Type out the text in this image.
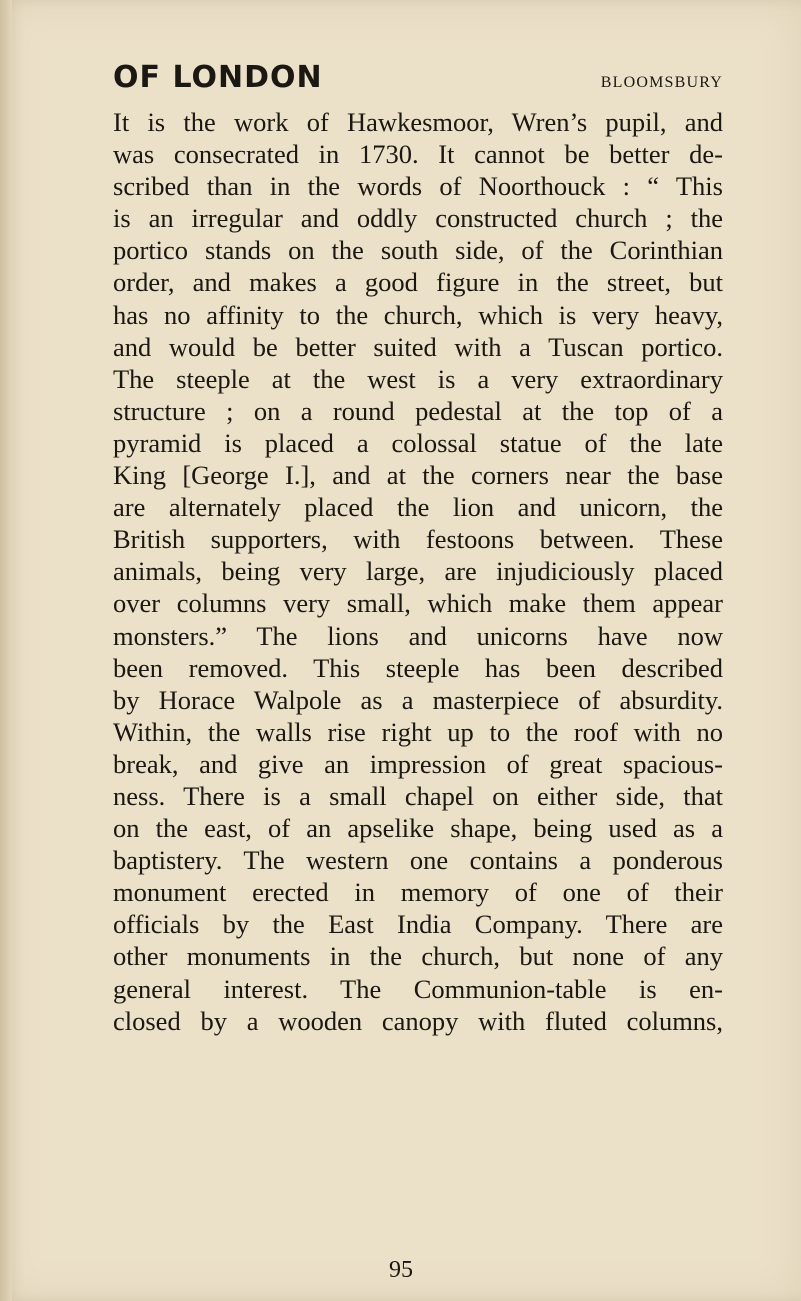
OF LONDON	BLOOMSBURY
It is the work of Hawkesmoor, Wren’s pupil, and
was consecrated in 1730. It cannot be better de-
scribed than in the words of Noorthouck : “ This
is an irregular and oddly constructed church ; the
portico stands on the south side, of the Corinthian
order, and makes a good figure in the street, but
has no affinity to the church, which is very heavy,
and would be better suited with a Tuscan portico.
The steeple at the west is a very extraordinary
structure ; on a round pedestal at the top of a
pyramid is placed a colossal statue of the late
King [George I.], and at the corners near the base
are alternately placed the lion and unicorn, the
British supporters, with festoons between. These
animals, being very large, are injudiciously placed
over columns very small, which make them appear
monsters.” The lions and unicorns have now
been removed. This steeple has been described
by Horace Walpole as a masterpiece of absurdity.
Within, the walls rise right up to the roof with no
break, and give an impression of great spacious-
ness. There is a small chapel on either side, that
on the east, of an apselike shape, being used as a
baptistery. The western one contains a ponderous
monument erected in memory of one of their
officials by the East India Company. There are
other monuments in the church, but none of any
general interest. The Communion-table is en-
closed by a wooden canopy with fluted columns,
95
